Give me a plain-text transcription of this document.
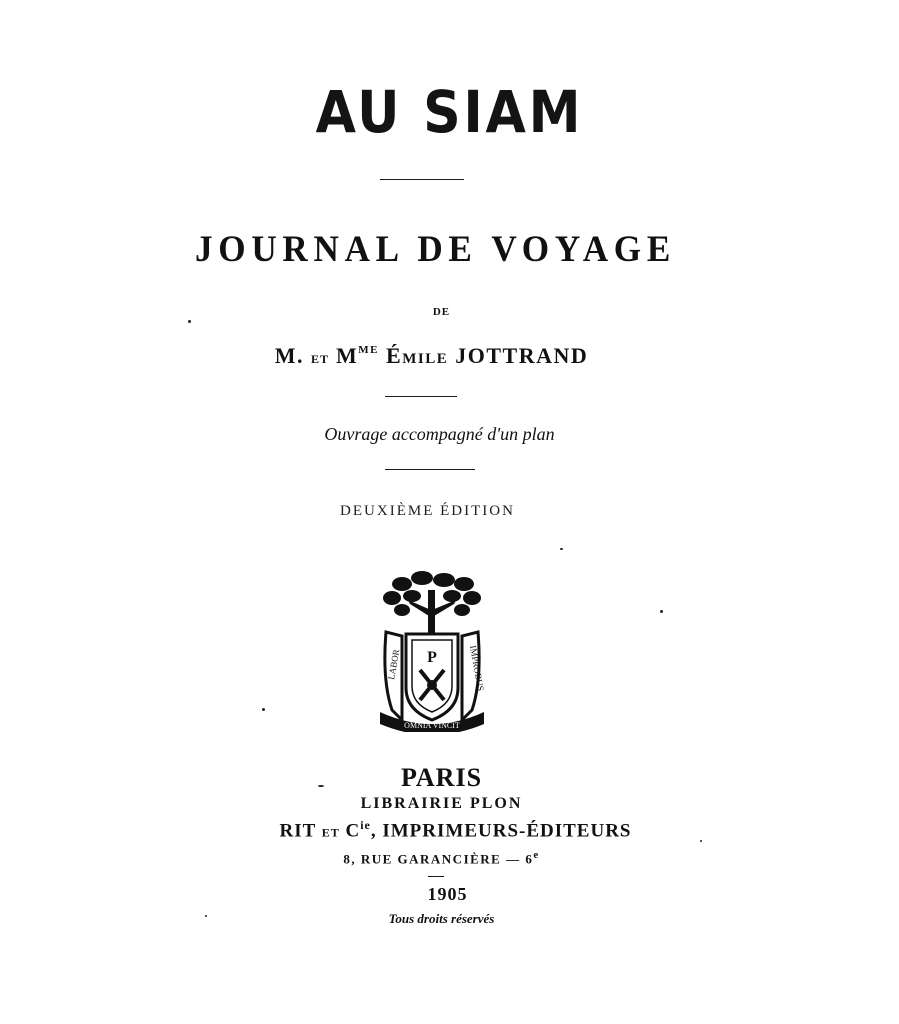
AU SIAM
JOURNAL DE VOYAGE
DE
M. ET $M^{ME}$ ÉMILE JOTTRAND
Ouvrage accompagné d'un plan
DEUXIÈME ÉDITION
P
LABOR	IMPROBUS
OMNIA VINCIT
PARIS
LIBRAIRIE PLON
RIT ET $C^{ie}$, IMPRIMEURS-ÉDITEURS
8, RUE GARANCIÈRE — 6e
1905
Tous droits réservés
